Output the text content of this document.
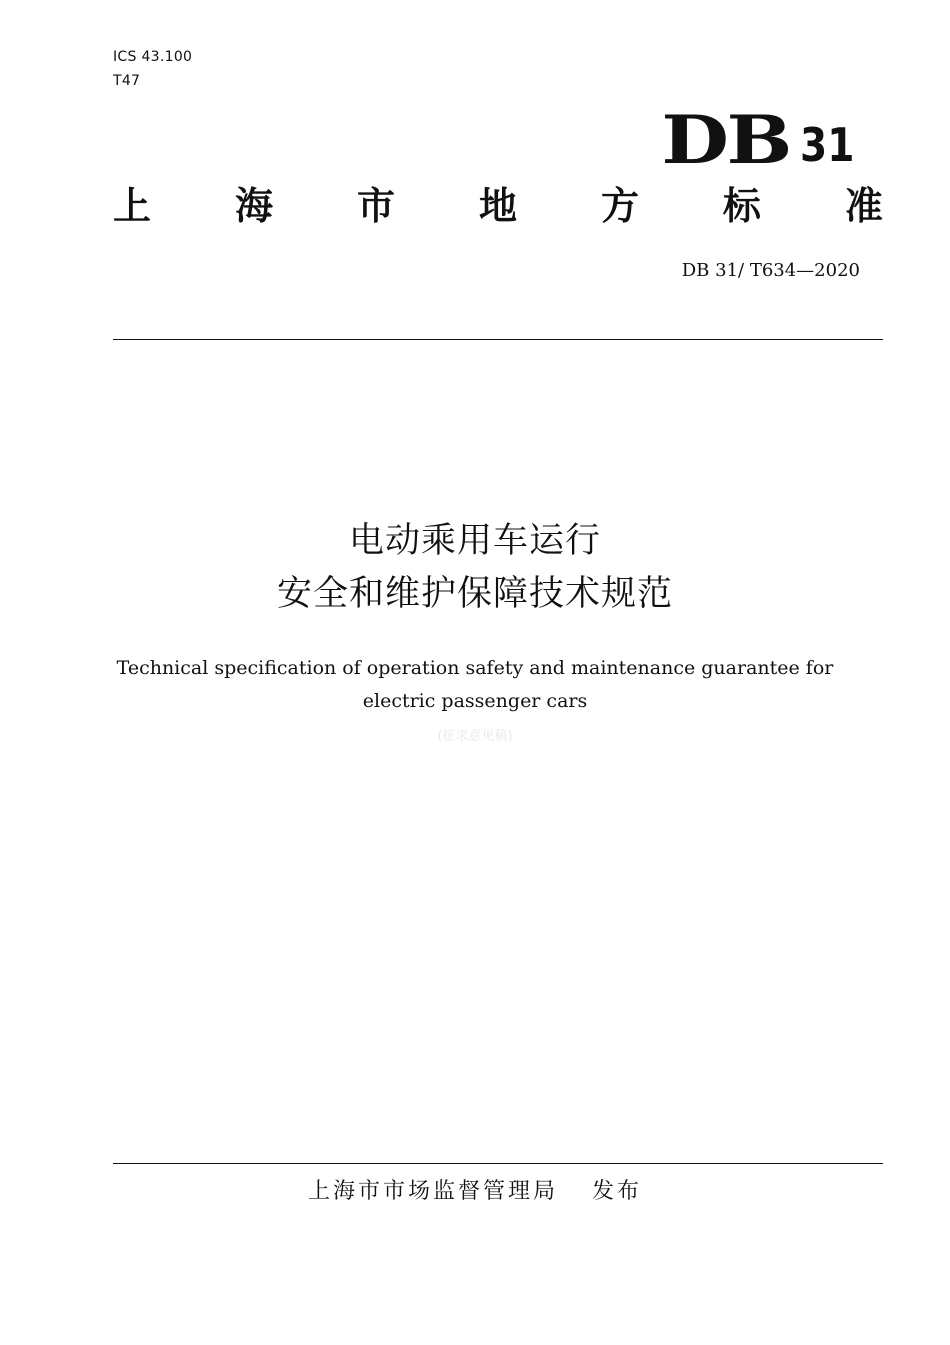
ICS 43.100
T47
DB 31
上 海 市 地 方 标 准
DB 31/ T634—2020
电动乘用车运行
安全和维护保障技术规范
Technical specification of operation safety and maintenance guarantee for electric passenger cars
(征求意见稿)
上海市市场监督管理局 发布
